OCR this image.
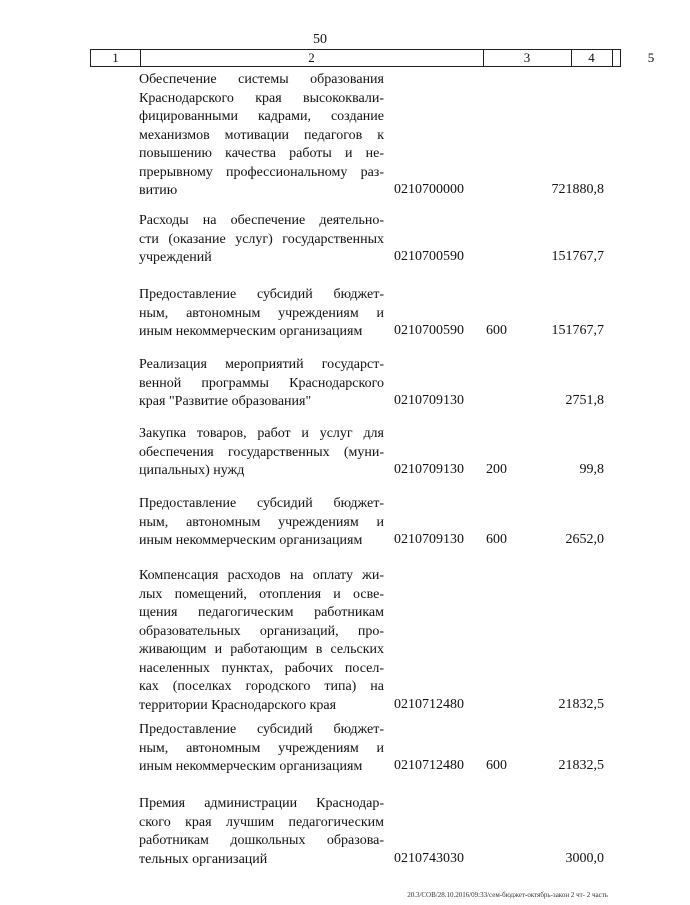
50
1	2	3	4	5
Обеспечение системы образования
Краснодарского края высококвали-
фицированными кадрами, создание
механизмов мотивации педагогов к
повышению качества работы и не-
прерывному профессиональному раз-
витию	0210700000	721880,8
Расходы на обеспечение деятельно-
сти (оказание услуг) государственных
учреждений	0210700590	151767,7
Предоставление субсидий бюджет-
ным, автономным учреждениям и
иным некоммерческим организациям	0210700590 600	151767,7
Реализация мероприятий государст-
венной программы Краснодарского
края "Развитие образования"	0210709130	2751,8
Закупка товаров, работ и услуг для
обеспечения государственных (муни-
ципальных) нужд	0210709130 200	99,8
Предоставление субсидий бюджет-
ным, автономным учреждениям и
иным некоммерческим организациям	0210709130 600	2652,0
Компенсация расходов на оплату жи-
лых помещений, отопления и осве-
щения педагогическим работникам
образовательных организаций, про-
живающим и работающим в сельских
населенных пунктах, рабочих посел-
ках (поселках городского типа) на
территории Краснодарского края	0210712480	21832,5
Предоставление субсидий бюджет-
ным, автономным учреждениям и
иным некоммерческим организациям	0210712480 600	21832,5
Премия администрации Краснодар-
ского края лучшим педагогическим
работникам дошкольных образова-
тельных организаций	0210743030	3000,0
20.3/СОВ/28.10.2016/09:33/сем-бюджет-октябрь-закон 2 чт- 2 часть
